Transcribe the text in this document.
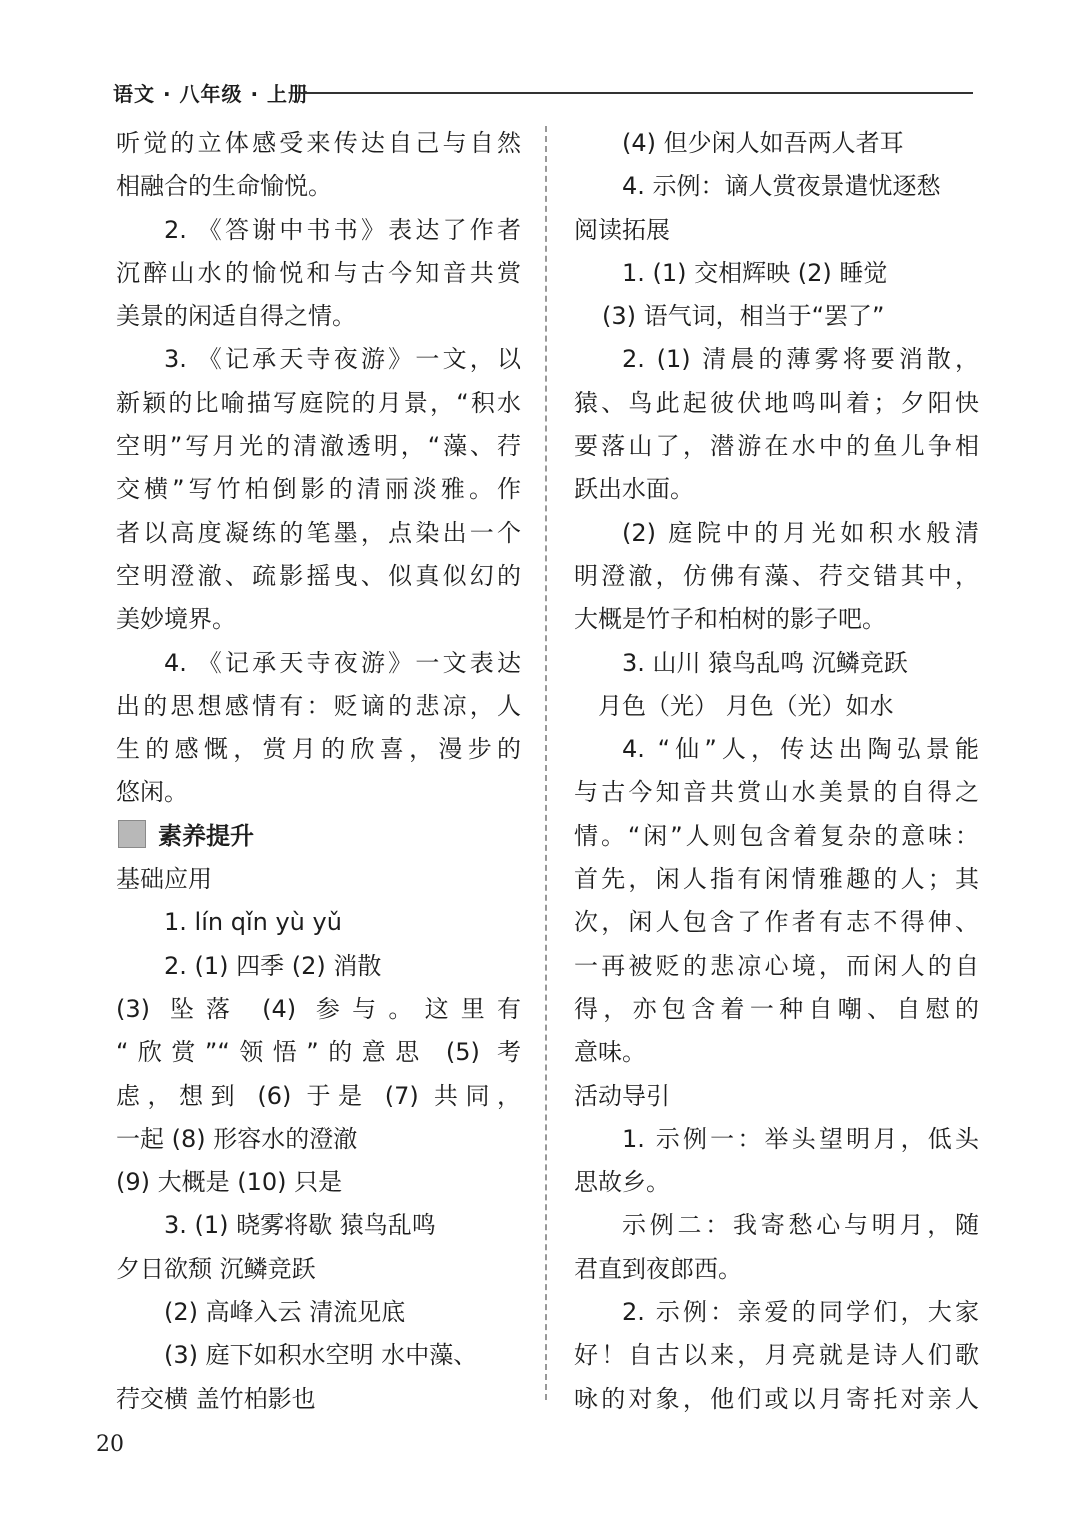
语文 · 八年级 · 上册
听觉的立体感受来传达自己与自然
相融合的生命愉悦。
2. 《答谢中书书》表达了作者
沉醉山水的愉悦和与古今知音共赏
美景的闲适自得之情。
3. 《记承天寺夜游》一文，以
新颖的比喻描写庭院的月景，“积水
空明”写月光的清澈透明，“藻、荇
交横”写竹柏倒影的清丽淡雅。作
者以高度凝练的笔墨，点染出一个
空明澄澈、疏影摇曳、似真似幻的
美妙境界。
4. 《记承天寺夜游》一文表达
出的思想感情有：贬谪的悲凉，人
生的感慨，赏月的欣喜，漫步的
悠闲。
素养提升
基础应用
1. lín qǐn yù yǔ
2. (1) 四季 (2) 消散
(3) 坠落 (4) 参与。这里有
“欣赏”“领悟”的意思 (5) 考
虑，想到 (6) 于是 (7) 共同，
一起 (8) 形容水的澄澈
(9) 大概是 (10) 只是
3. (1) 晓雾将歇 猿鸟乱鸣
夕日欲颓 沉鳞竞跃
(2) 高峰入云 清流见底
(3) 庭下如积水空明 水中藻、
荇交横 盖竹柏影也
(4) 但少闲人如吾两人者耳
4. 示例：谪人赏夜景遣忧逐愁
阅读拓展
1. (1) 交相辉映 (2) 睡觉
(3) 语气词，相当于“罢了”
2. (1) 清晨的薄雾将要消散，
猿、鸟此起彼伏地鸣叫着；夕阳快
要落山了，潜游在水中的鱼儿争相
跃出水面。
(2) 庭院中的月光如积水般清
明澄澈，仿佛有藻、荇交错其中，
大概是竹子和柏树的影子吧。
3. 山川 猿鸟乱鸣 沉鳞竞跃
月色（光） 月色（光）如水
4. “仙”人，传达出陶弘景能
与古今知音共赏山水美景的自得之
情。“闲”人则包含着复杂的意味：
首先，闲人指有闲情雅趣的人；其
次，闲人包含了作者有志不得伸、
一再被贬的悲凉心境，而闲人的自
得，亦包含着一种自嘲、自慰的
意味。
活动导引
1. 示例一：举头望明月，低头
思故乡。
示例二：我寄愁心与明月，随
君直到夜郎西。
2. 示例：亲爱的同学们，大家
好！自古以来，月亮就是诗人们歌
咏的对象，他们或以月寄托对亲人
20
